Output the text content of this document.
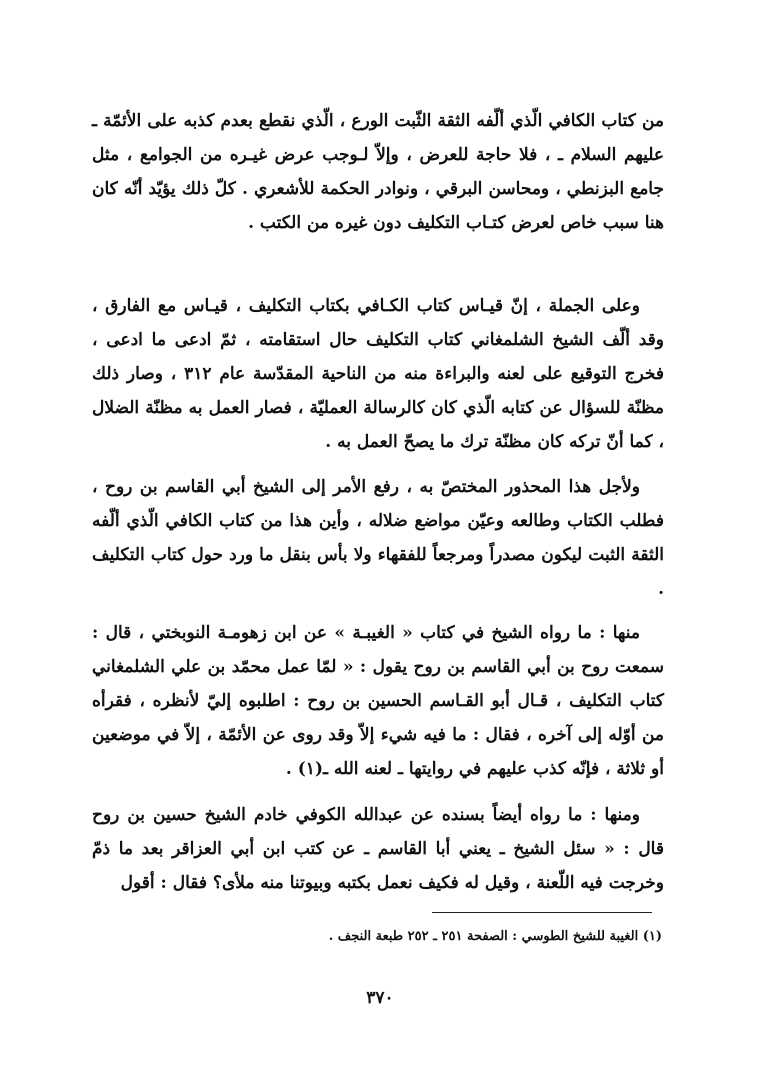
من كتاب الكافي الّذي ألّفه الثقة الثّبت الورع ، الّذي نقطع بعدم كذبه على الأئمّة ـ عليهم السلام ـ ، فلا حاجة للعرض ، وإلاّ لـوجب عرض غيـره من الجوامع ، مثل جامع البزنطي ، ومحاسن البرقي ، ونوادر الحكمة للأشعري . كلّ ذلك يؤيّد أنّه كان هنا سبب خاص لعرض كتـاب التكليف دون غيره من الكتب .

وعلى الجملة ، إنّ قيـاس كتاب الكـافي بكتاب التكليف ، قيـاس مع الفارق ، وقد ألّف الشيخ الشلمغاني كتاب التكليف حال استقامته ، ثمّ ادعى ما ادعى ، فخرج التوقيع على لعنه والبراءة منه من الناحية المقدّسة عام ٣١٢ ، وصار ذلك مظنّة للسؤال عن كتابه الّذي كان كالرسالة العمليّة ، فصار العمل به مظنّة الضلال ، كما أنّ تركه كان مظنّة ترك ما يصحّ العمل به .

ولأجل هذا المحذور المختصّ به ، رفع الأمر إلى الشيخ أبي القاسم بن روح ، فطلب الكتاب وطالعه وعيّن مواضع ضلاله ، وأين هذا من كتاب الكافي الّذي ألّفه الثقة الثبت ليكون مصدراً ومرجعاً للفقهاء ولا بأس بنقل ما ورد حول كتاب التكليف .

منها : ما رواه الشيخ في كتاب « الغيبـة » عن ابن زهومـة النوبختي ، قال : سمعت روح بن أبي القاسم بن روح يقول : « لمّا عمل محمّد بن علي الشلمغاني كتاب التكليف ، قـال أبو القـاسم الحسين بن روح : اطلبوه إليّ لأنظره ، فقرأه من أوّله إلى آخره ، فقال : ما فيه شيء إلاّ وقد روى عن الأئمّة ، إلاّ في موضعين أو ثلاثة ، فإنّه كذب عليهم في روايتها ـ لعنه الله ـ(١) .

ومنها : ما رواه أيضاً بسنده عن عبدالله الكوفي خادم الشيخ حسين بن روح قال : « سئل الشيخ ـ يعني أبا القاسم ـ عن كتب ابن أبي العزاقر بعد ما ذمّ وخرجت فيه اللّعنة ، وقيل له فكيف نعمل بكتبه وبيوتنا منه ملأى؟ فقال : أقول

(١) الغيبة للشيخ الطوسي : الصفحة ٢٥١ ـ ٢٥٢ طبعة النجف .
٣٧٠
